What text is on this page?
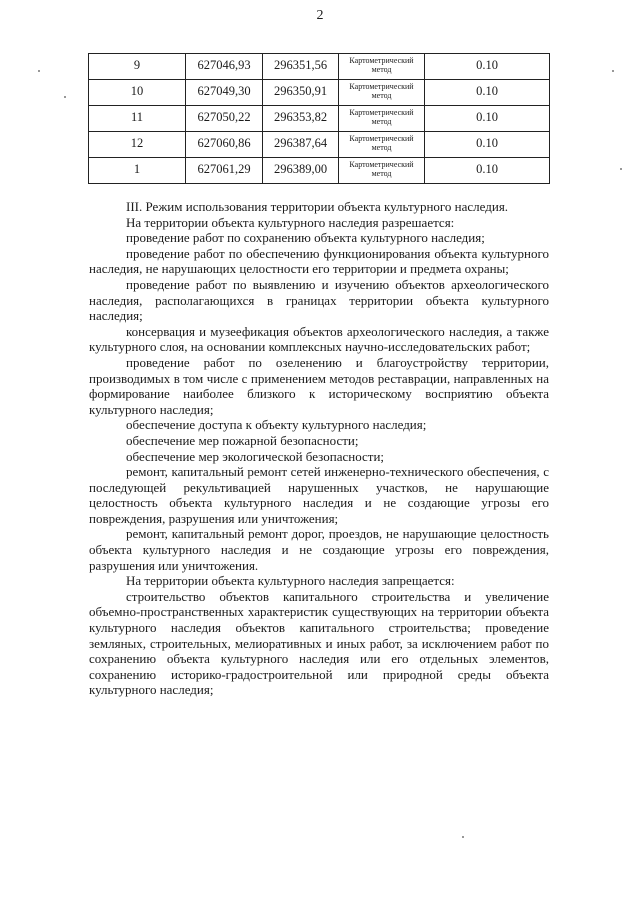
2
9	627046,93	296351,56	Картометрический метод	0.10
10	627049,30	296350,91	Картометрический метод	0.10
11	627050,22	296353,82	Картометрический метод	0.10
12	627060,86	296387,64	Картометрический метод	0.10
1	627061,29	296389,00	Картометрический метод	0.10

III. Режим использования территории объекта культурного наследия.

На территории объекта культурного наследия разрешается:

проведение работ по сохранению объекта культурного наследия;

проведение работ по обеспечению функционирования объекта культурного наследия, не нарушающих целостности его территории и предмета охраны;

проведение работ по выявлению и изучению объектов археологического наследия, располагающихся в границах территории объекта культурного наследия;

консервация и музеефикация объектов археологического наследия, а также культурного слоя, на основании комплексных научно-исследовательских работ;

проведение работ по озеленению и благоустройству территории, производимых в том числе с применением методов реставрации, направленных на формирование наиболее близкого к историческому восприятию объекта культурного наследия;

обеспечение доступа к объекту культурного наследия;

обеспечение мер пожарной безопасности;

обеспечение мер экологической безопасности;

ремонт, капитальный ремонт сетей инженерно-технического обеспечения, с последующей рекультивацией нарушенных участков, не нарушающие целостность объекта культурного наследия и не создающие угрозы его повреждения, разрушения или уничтожения;

ремонт, капитальный ремонт дорог, проездов, не нарушающие целостность объекта культурного наследия и не создающие угрозы его повреждения, разрушения или уничтожения.

На территории объекта культурного наследия запрещается:

строительство объектов капитального строительства и увеличение объемно-пространственных характеристик существующих на территории объекта культурного наследия объектов капитального строительства; проведение земляных, строительных, мелиоративных и иных работ, за исключением работ по сохранению объекта культурного наследия или его отдельных элементов, сохранению историко-градостроительной или природной среды объекта культурного наследия;
